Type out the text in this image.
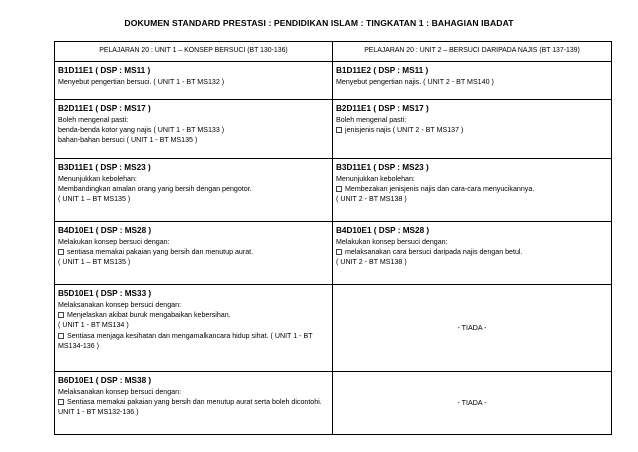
DOKUMEN STANDARD PRESTASI : PENDIDIKAN ISLAM : TINGKATAN 1 : BAHAGIAN IBADAT
PELAJARAN 20 : UNIT 1 – KONSEP BERSUCI (BT 130-136)	PELAJARAN 20 : UNIT 2 – BERSUCI DARIPADA NAJIS (BT 137-139)

B1D11E1 ( DSP : MS11 )
Menyebut pengertian bersuci. ( UNIT 1 - BT MS132 )	B1D11E2 ( DSP : MS11 )
Menyebut pengertian najis. ( UNIT 2 - BT MS140 )

B2D11E1 ( DSP : MS17 )
Boleh mengenal pasti:
benda-benda kotor yang najis ( UNIT 1 - BT MS133 )
bahan-bahan bersuci ( UNIT 1 - BT MS135 )	B2D11E1 ( DSP : MS17 )
Boleh mengenal pasti:
jenisjenis najis ( UNIT 2 - BT MS137 )

B3D11E1 ( DSP : MS23 )
Menunjukkan kebolehan:
Membandingkan amalan orang yang bersih dengan pengotor.
( UNIT 1 – BT MS135 )	B3D11E1 ( DSP : MS23 )
Menunjukkan kebolehan:
Membezakan jenisjenis najis dan cara-cara menyucikannya.
( UNIT 2 - BT MS138 )

B4D10E1 ( DSP : MS28 )
Melakukan konsep bersuci dengan:
sentiasa memakai pakaian yang bersih dan menutup aurat.
( UNIT 1 – BT MS135 )	B4D10E1 ( DSP : MS28 )
Melakukan konsep bersuci dengan:
melaksanakan cara bersuci daripada najis dengan betul.
( UNIT 2 - BT MS138 )

B5D10E1 ( DSP : MS33 )
Melaksanakan konsep bersuci dengan:
Menjelaskan akibat buruk mengabaikan kebersihan.
( UNIT 1 - BT MS134 )
Sentiasa menjaga kesihatan dan mengamalkancara hidup sihat. ( UNIT 1 - BT MS134-136 )	- TIADA -

B6D10E1 ( DSP : MS38 )
Melaksanakan konsep bersuci dengan:
Sentiasa memakai pakaian yang bersih dan menutup aurat serta boleh dicontohi. UNIT 1 - BT MS132-136 )	- TIADA -
